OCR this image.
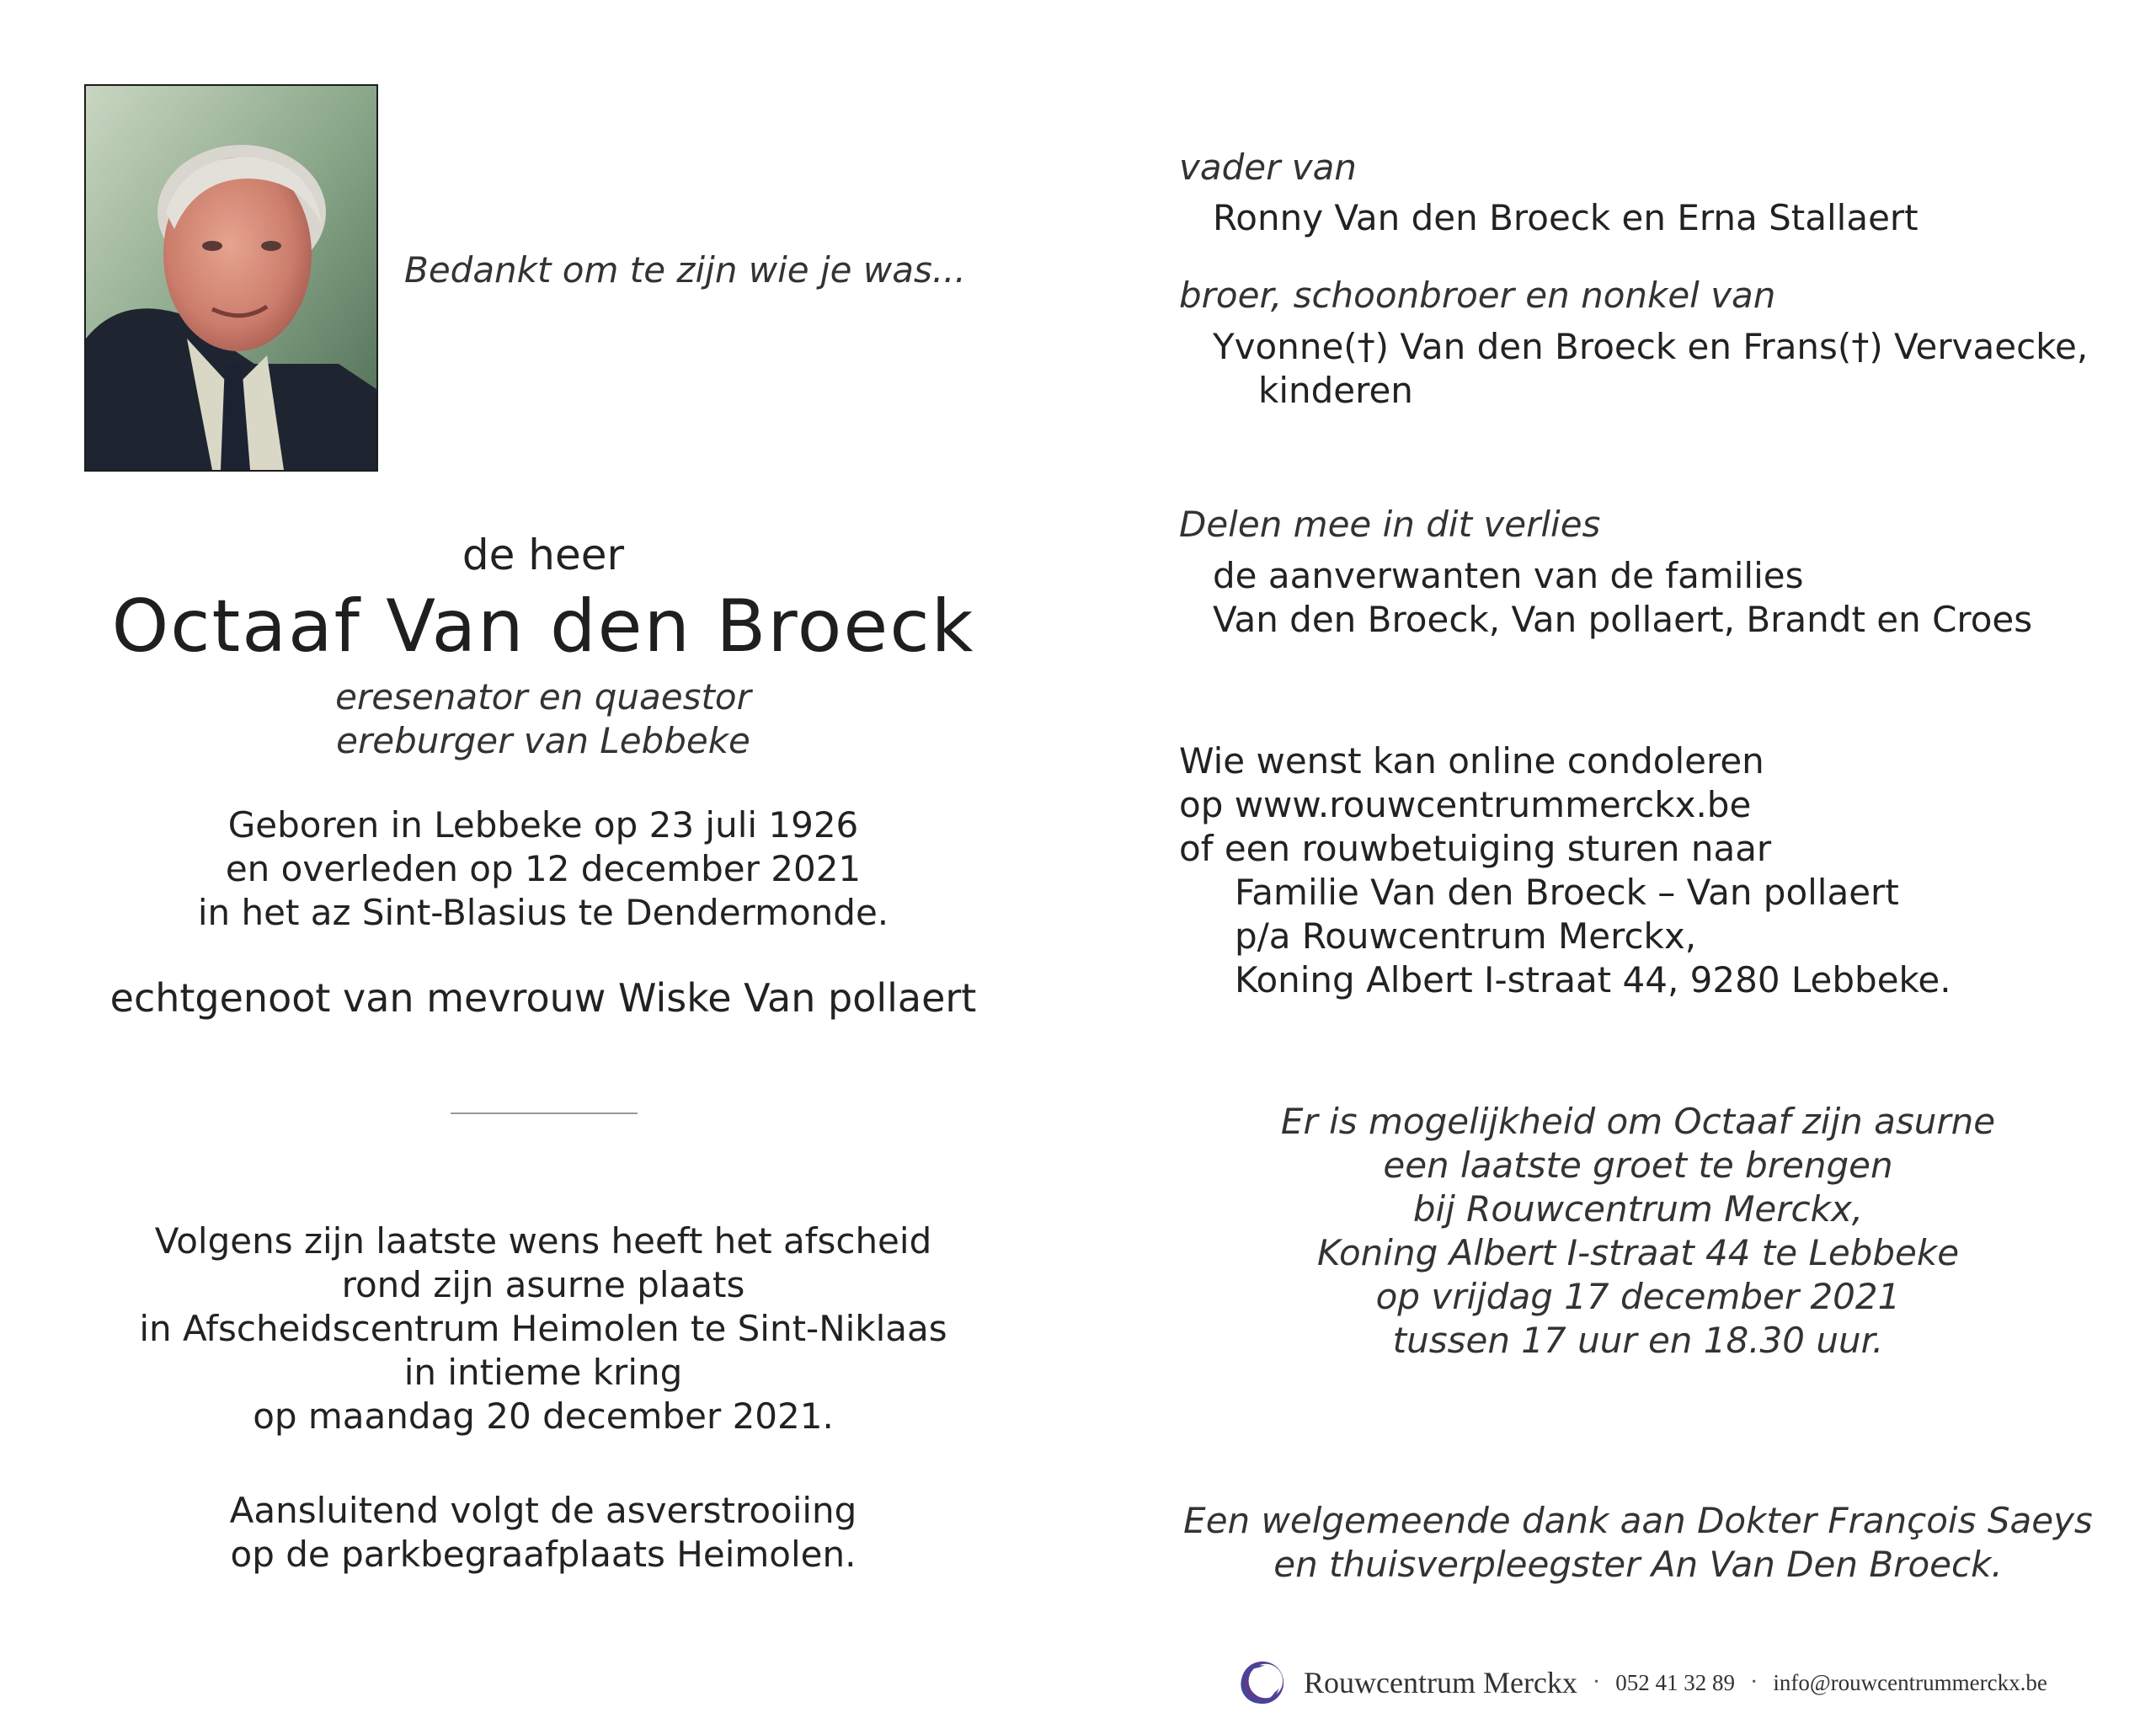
Bedankt om te zijn wie je was...
de heer
Octaaf Van den Broeck
eresenator en quaestor
ereburger van Lebbeke
Geboren in Lebbeke op 23 juli 1926
en overleden op 12 december 2021
in het az Sint-Blasius te Dendermonde.
echtgenoot van mevrouw Wiske Van pollaert
Volgens zijn laatste wens heeft het afscheid
rond zijn asurne plaats
in Afscheidscentrum Heimolen te Sint-Niklaas
in intieme kring
op maandag 20 december 2021.
Aansluitend volgt de asverstrooiing
op de parkbegraafplaats Heimolen.
vader van
Ronny Van den Broeck en Erna Stallaert
broer, schoonbroer en nonkel van
Yvonne(†) Van den Broeck en Frans(†) Vervaecke,
kinderen
Delen mee in dit verlies
de aanverwanten van de families
Van den Broeck, Van pollaert, Brandt en Croes
Wie wenst kan online condoleren
op www.rouwcentrummerckx.be
of een rouwbetuiging sturen naar
Familie Van den Broeck – Van pollaert
p/a Rouwcentrum Merckx,
Koning Albert I-straat 44, 9280 Lebbeke.
Er is mogelijkheid om Octaaf zijn asurne
een laatste groet te brengen
bij Rouwcentrum Merckx,
Koning Albert I-straat 44 te Lebbeke
op vrijdag 17 december 2021
tussen 17 uur en 18.30 uur.
Een welgemeende dank aan Dokter François Saeys
en thuisverpleegster An Van Den Broeck.
Rouwcentrum Merckx · 052 41 32 89 · info@rouwcentrummerckx.be
